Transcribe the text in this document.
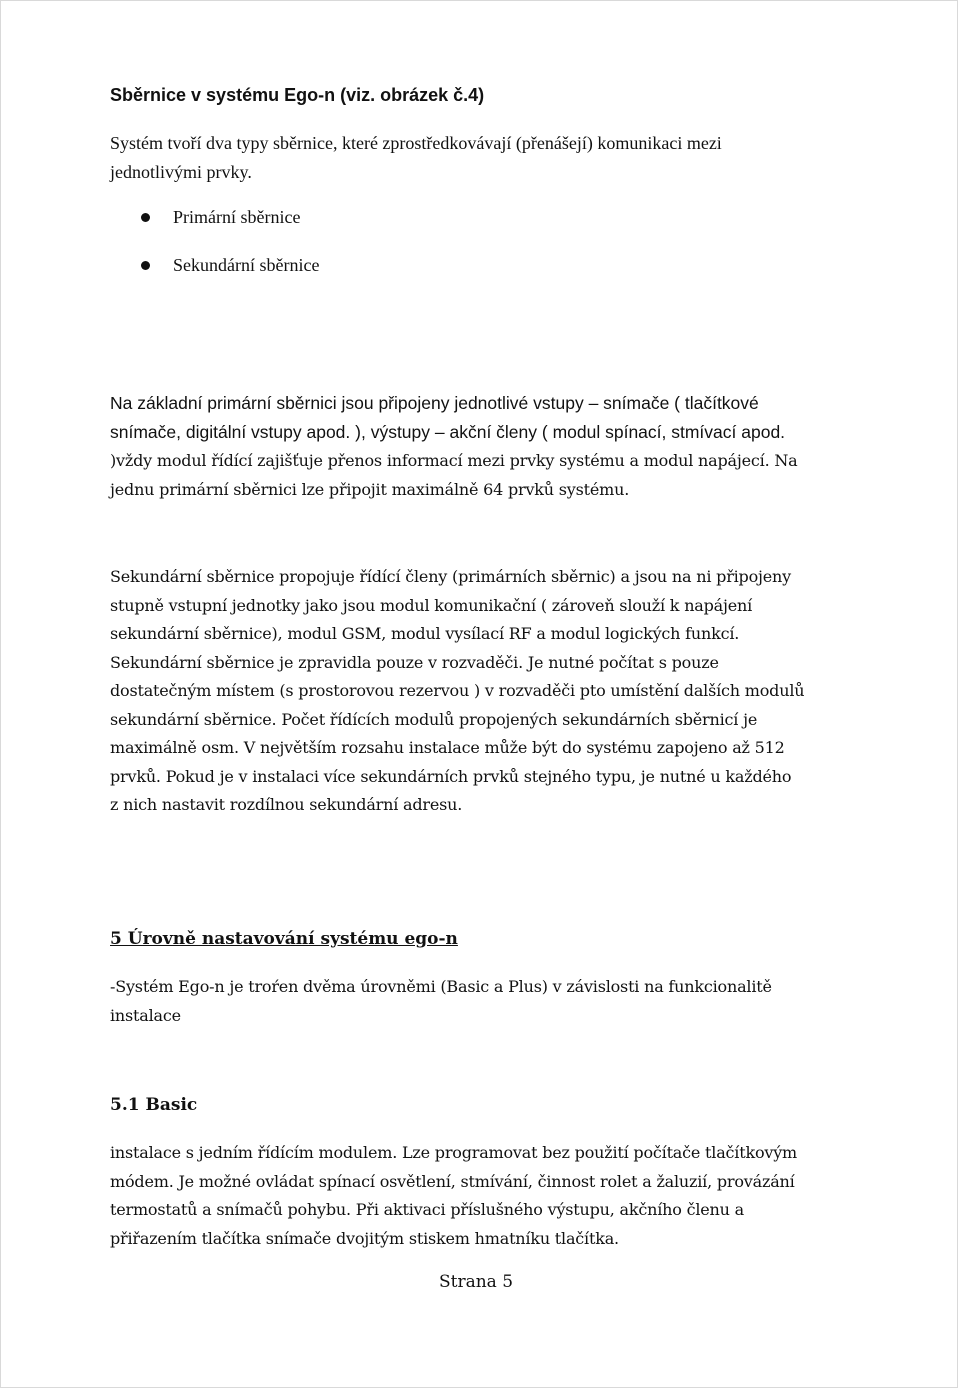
Sběrnice v systému Ego-n (viz. obrázek č.4)

Systém tvoří dva typy sběrnice, které zprostředkovávají (přenášejí) komunikaci mezi
jednotlivými prvky.

Primární sběrnice
Sekundární sběrnice
Na základní primární sběrnici jsou připojeny jednotlivé vstupy – snímače ( tlačítkové
snímače, digitální vstupy apod. ), výstupy – akční členy ( modul spínací, stmívací apod.
)vždy modul řídící zajišťuje přenos informací mezi prvky systému a modul napájecí. Na
jednu primární sběrnici lze připojit maximálně 64 prvků systému.
Sekundární sběrnice propojuje řídící členy (primárních sběrnic) a jsou na ni připojeny
stupně vstupní jednotky jako jsou modul komunikační ( zároveň slouží k napájení
sekundární sběrnice), modul GSM, modul vysílací RF a modul logických funkcí.
Sekundární sběrnice je zpravidla pouze v rozvaděči. Je nutné počítat s pouze
dostatečným místem (s prostorovou rezervou ) v rozvaděči pto umístění dalších modulů
sekundární sběrnice. Počet řídících modulů propojených sekundárních sběrnicí je
maximálně osm. V největším rozsahu instalace může být do systému zapojeno až 512
prvků. Pokud je v instalaci více sekundárních prvků stejného typu, je nutné u každého
z nich nastavit rozdílnou sekundární adresu.
5 Úrovně nastavování systému ego-n
-Systém Ego-n je troŕen dvěma úrovněmi (Basic a Plus) v závislosti na funkcionalitě
instalace
5.1 Basic
instalace s jedním řídícím modulem. Lze programovat bez použití počítače tlačítkovým
módem. Je možné ovládat spínací osvětlení, stmívání, činnost rolet a žaluzií, provázání
termostatů a snímačů pohybu. Při aktivaci příslušného výstupu, akčního členu a
přiřazením tlačítka snímače dvojitým stiskem hmatníku tlačítka.
Strana 5
